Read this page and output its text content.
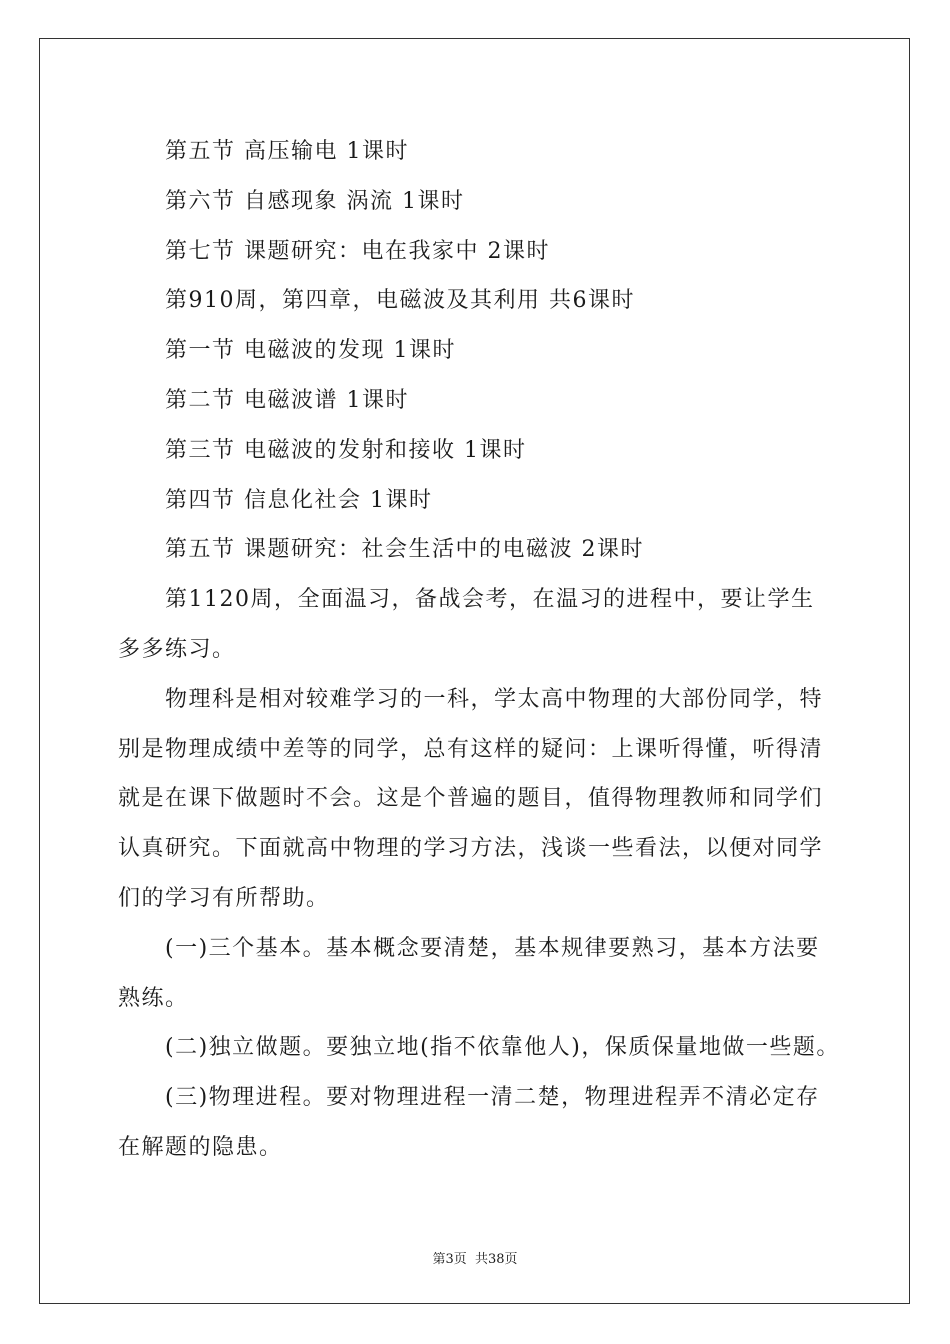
第五节 高压输电 1课时
第六节 自感现象 涡流 1课时
第七节 课题研究：电在我家中 2课时
第910周，第四章，电磁波及其利用 共6课时
第一节 电磁波的发现 1课时
第二节 电磁波谱 1课时
第三节 电磁波的发射和接收 1课时
第四节 信息化社会 1课时
第五节 课题研究：社会生活中的电磁波 2课时
第1120周，全面温习，备战会考，在温习的进程中，要让学生
多多练习。
物理科是相对较难学习的一科，学太高中物理的大部份同学，特
别是物理成绩中差等的同学，总有这样的疑问：上课听得懂，听得清
就是在课下做题时不会。这是个普遍的题目，值得物理教师和同学们
认真研究。下面就高中物理的学习方法，浅谈一些看法，以便对同学
们的学习有所帮助。
(一)三个基本。基本概念要清楚，基本规律要熟习，基本方法要
熟练。
(二)独立做题。要独立地(指不依靠他人)，保质保量地做一些题。
(三)物理进程。要对物理进程一清二楚，物理进程弄不清必定存
在解题的隐患。
第3页 共38页
